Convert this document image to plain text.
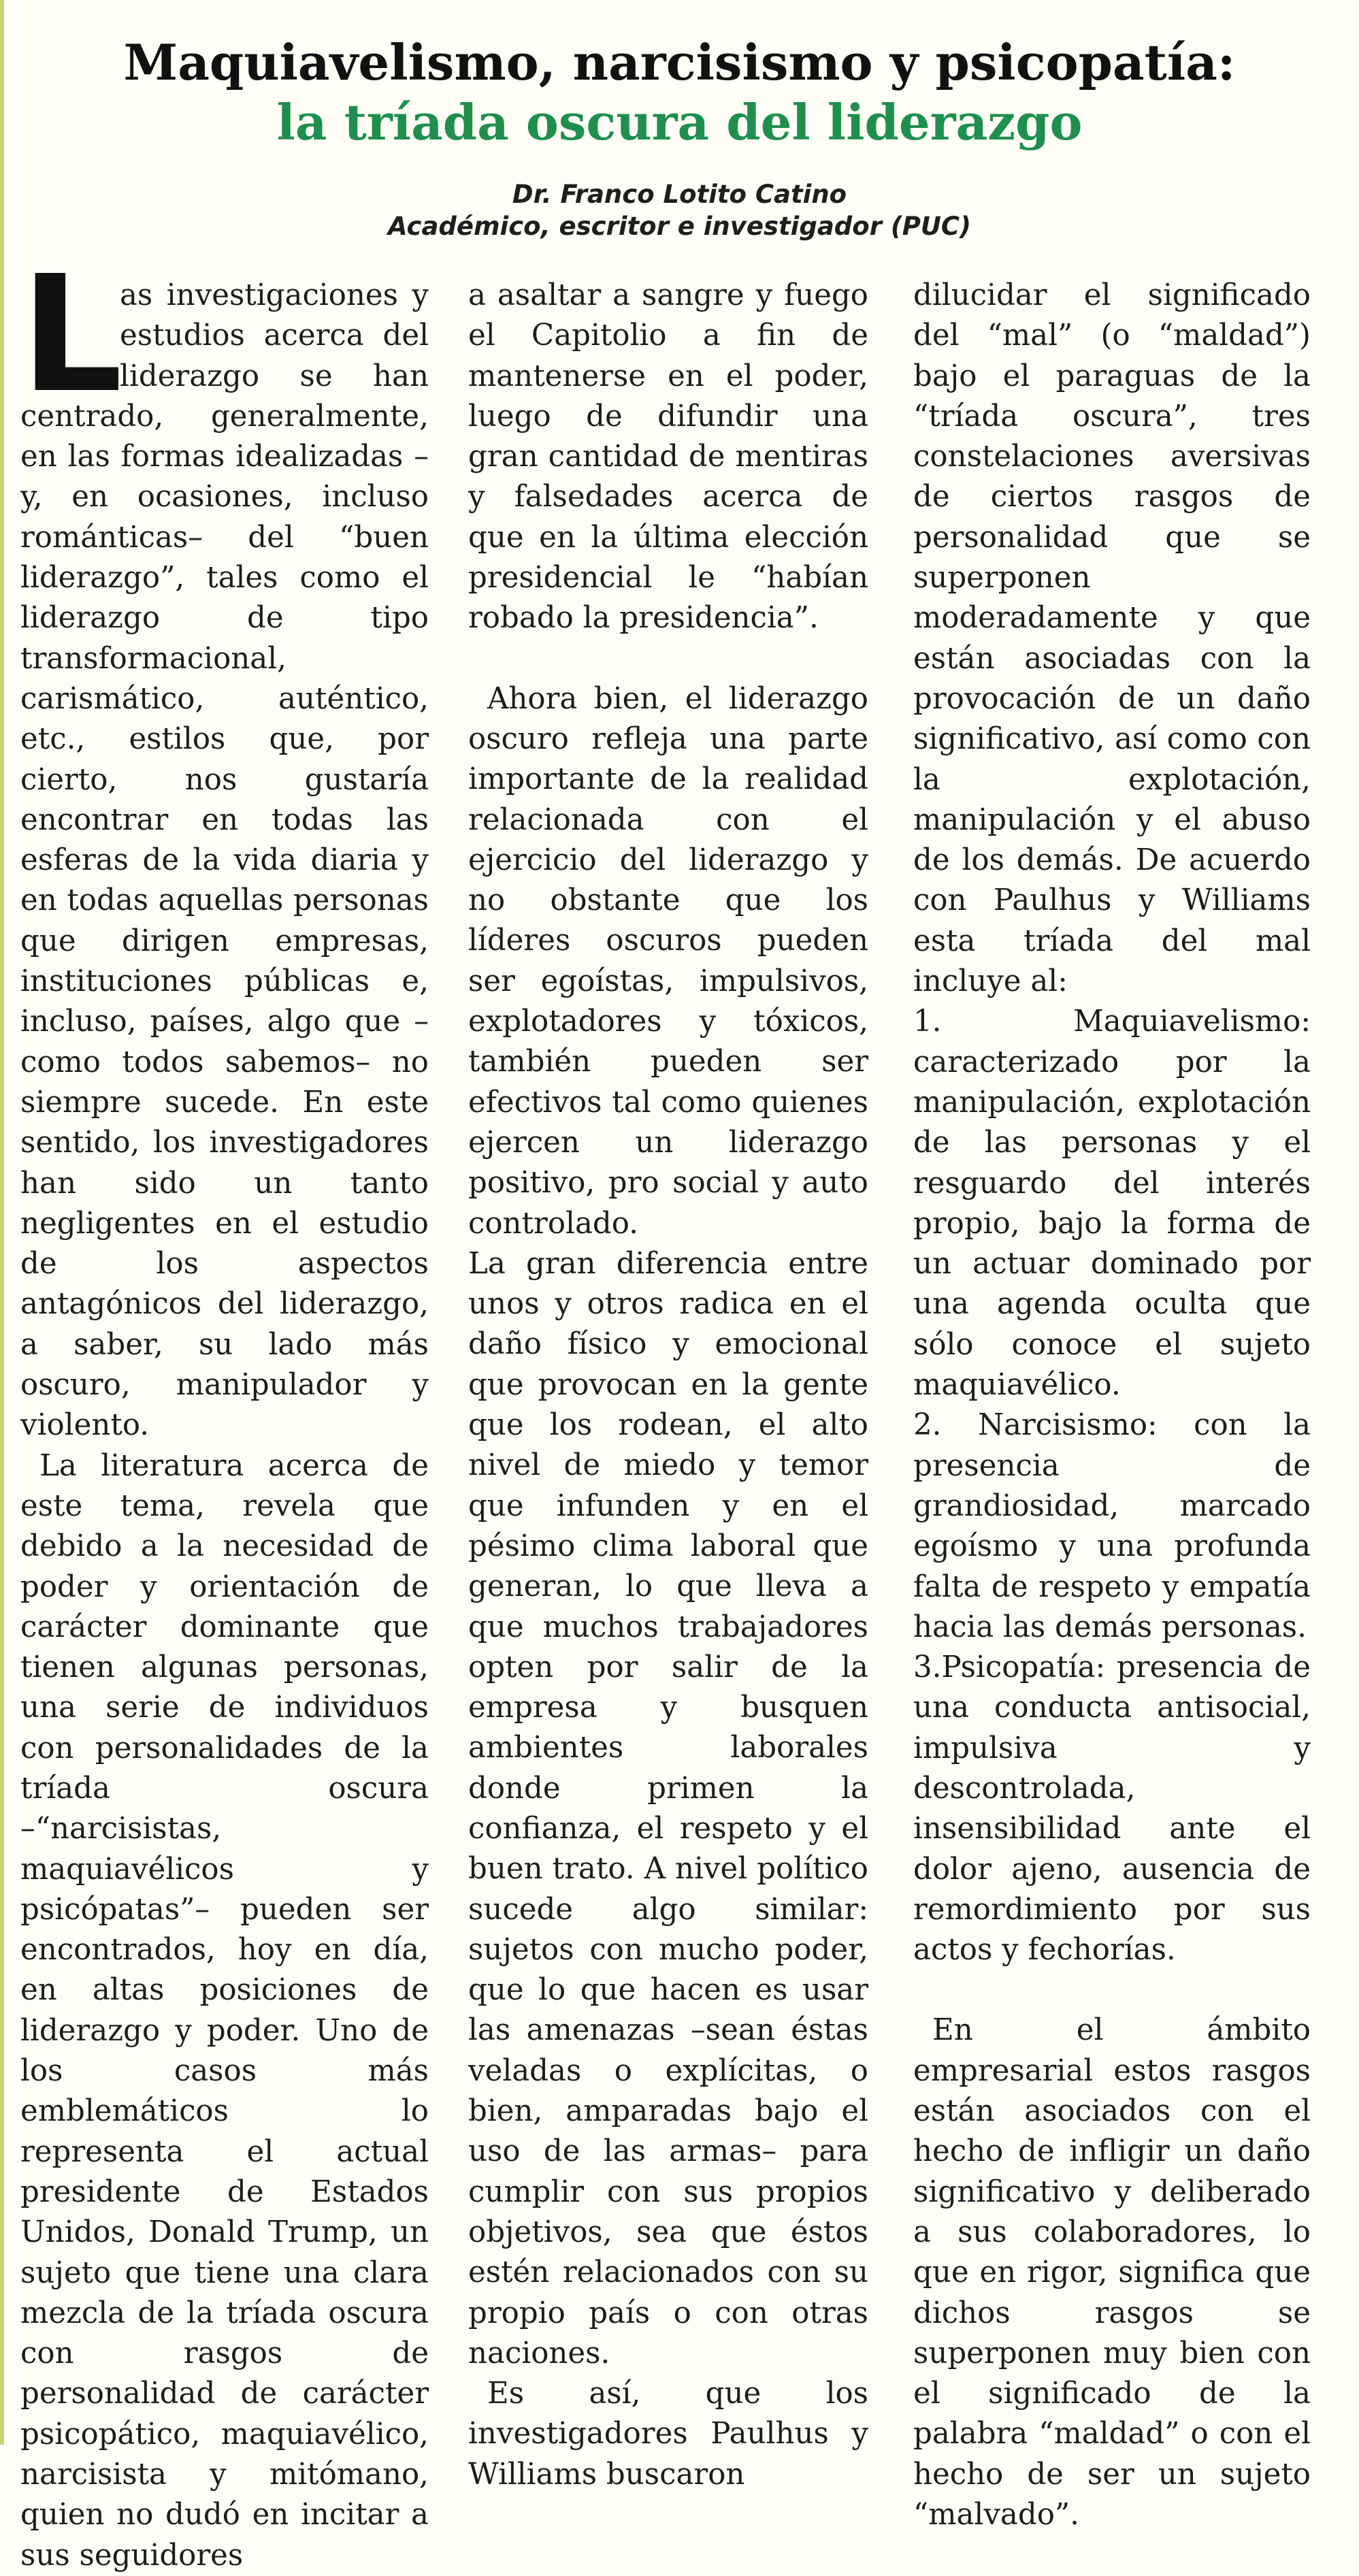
Maquiavelismo, narcisismo y psicopatía:
la tríada oscura del liderazgo
Dr. Franco Lotito Catino
Académico, escritor e investigador (PUC)

L
as investigaciones y estudios acerca del liderazgo se han centrado, generalmente, en las formas idealizadas –y, en ocasiones, incluso románticas– del “buen liderazgo”, tales como el liderazgo de tipo transformacional, carismático, auténtico, etc., estilos que, por cierto, nos gustaría encontrar en todas las esferas de la vida diaria y en todas aquellas personas que dirigen empresas, instituciones públicas e, incluso, países, algo que –como todos sabemos– no siempre sucede. En este sentido, los investigadores han sido un tanto negligentes en el estudio de los aspectos antagónicos del liderazgo, a saber, su lado más oscuro, manipulador y violento.

La literatura acerca de este tema, revela que debido a la necesidad de poder y orientación de carácter dominante que tienen algunas personas, una serie de individuos con personalidades de la tríada oscura –“narcisistas, maquiavélicos y psicópatas”– pueden ser encontrados, hoy en día, en altas posiciones de liderazgo y poder. Uno de los casos más emblemáticos lo representa el actual presidente de Estados Unidos, Donald Trump, un sujeto que tiene una clara mezcla de la tríada oscura con rasgos de personalidad de carácter psicopático, maquiavélico, narcisista y mitómano, quien no dudó en incitar a sus seguidores

a asaltar a sangre y fuego el Capitolio a fin de mantenerse en el poder, luego de difundir una gran cantidad de mentiras y falsedades acerca de que en la última elección presidencial le “habían robado la presidencia”.

Ahora bien, el liderazgo oscuro refleja una parte importante de la realidad relacionada con el ejercicio del liderazgo y no obstante que los líderes oscuros pueden ser egoístas, impulsivos, explotadores y tóxicos, también pueden ser efectivos tal como quienes ejercen un liderazgo positivo, pro social y auto controlado.

La gran diferencia entre unos y otros radica en el daño físico y emocional que provocan en la gente que los rodean, el alto nivel de miedo y temor que infunden y en el pésimo clima laboral que generan, lo que lleva a que muchos trabajadores opten por salir de la empresa y busquen ambientes laborales donde primen la confianza, el respeto y el buen trato. A nivel político sucede algo similar: sujetos con mucho poder, que lo que hacen es usar las amenazas –sean éstas veladas o explícitas, o bien, amparadas bajo el uso de las armas– para cumplir con sus propios objetivos, sea que éstos estén relacionados con su propio país o con otras naciones.

Es así, que los investigadores Paulhus y Williams buscaron

dilucidar el significado del “mal” (o “maldad”) bajo el paraguas de la “tríada oscura”, tres constelaciones aversivas de ciertos rasgos de personalidad que se superponen moderadamente y que están asociadas con la provocación de un daño significativo, así como con la explotación, manipulación y el abuso de los demás. De acuerdo con Paulhus y Williams esta tríada del mal incluye al:

1. Maquiavelismo: caracterizado por la manipulación, explotación de las personas y el resguardo del interés propio, bajo la forma de un actuar dominado por una agenda oculta que sólo conoce el sujeto maquiavélico.

2. Narcisismo: con la presencia de grandiosidad, marcado egoísmo y una profunda falta de respeto y empatía hacia las demás personas.

3.Psicopatía: presencia de una conducta antisocial, impulsiva y descontrolada, insensibilidad ante el dolor ajeno, ausencia de remordimiento por sus actos y fechorías.

En el ámbito empresarial estos rasgos están asociados con el hecho de infligir un daño significativo y deliberado a sus colaboradores, lo que en rigor, significa que dichos rasgos se superponen muy bien con el significado de la palabra “maldad” o con el hecho de ser un sujeto “malvado”.
